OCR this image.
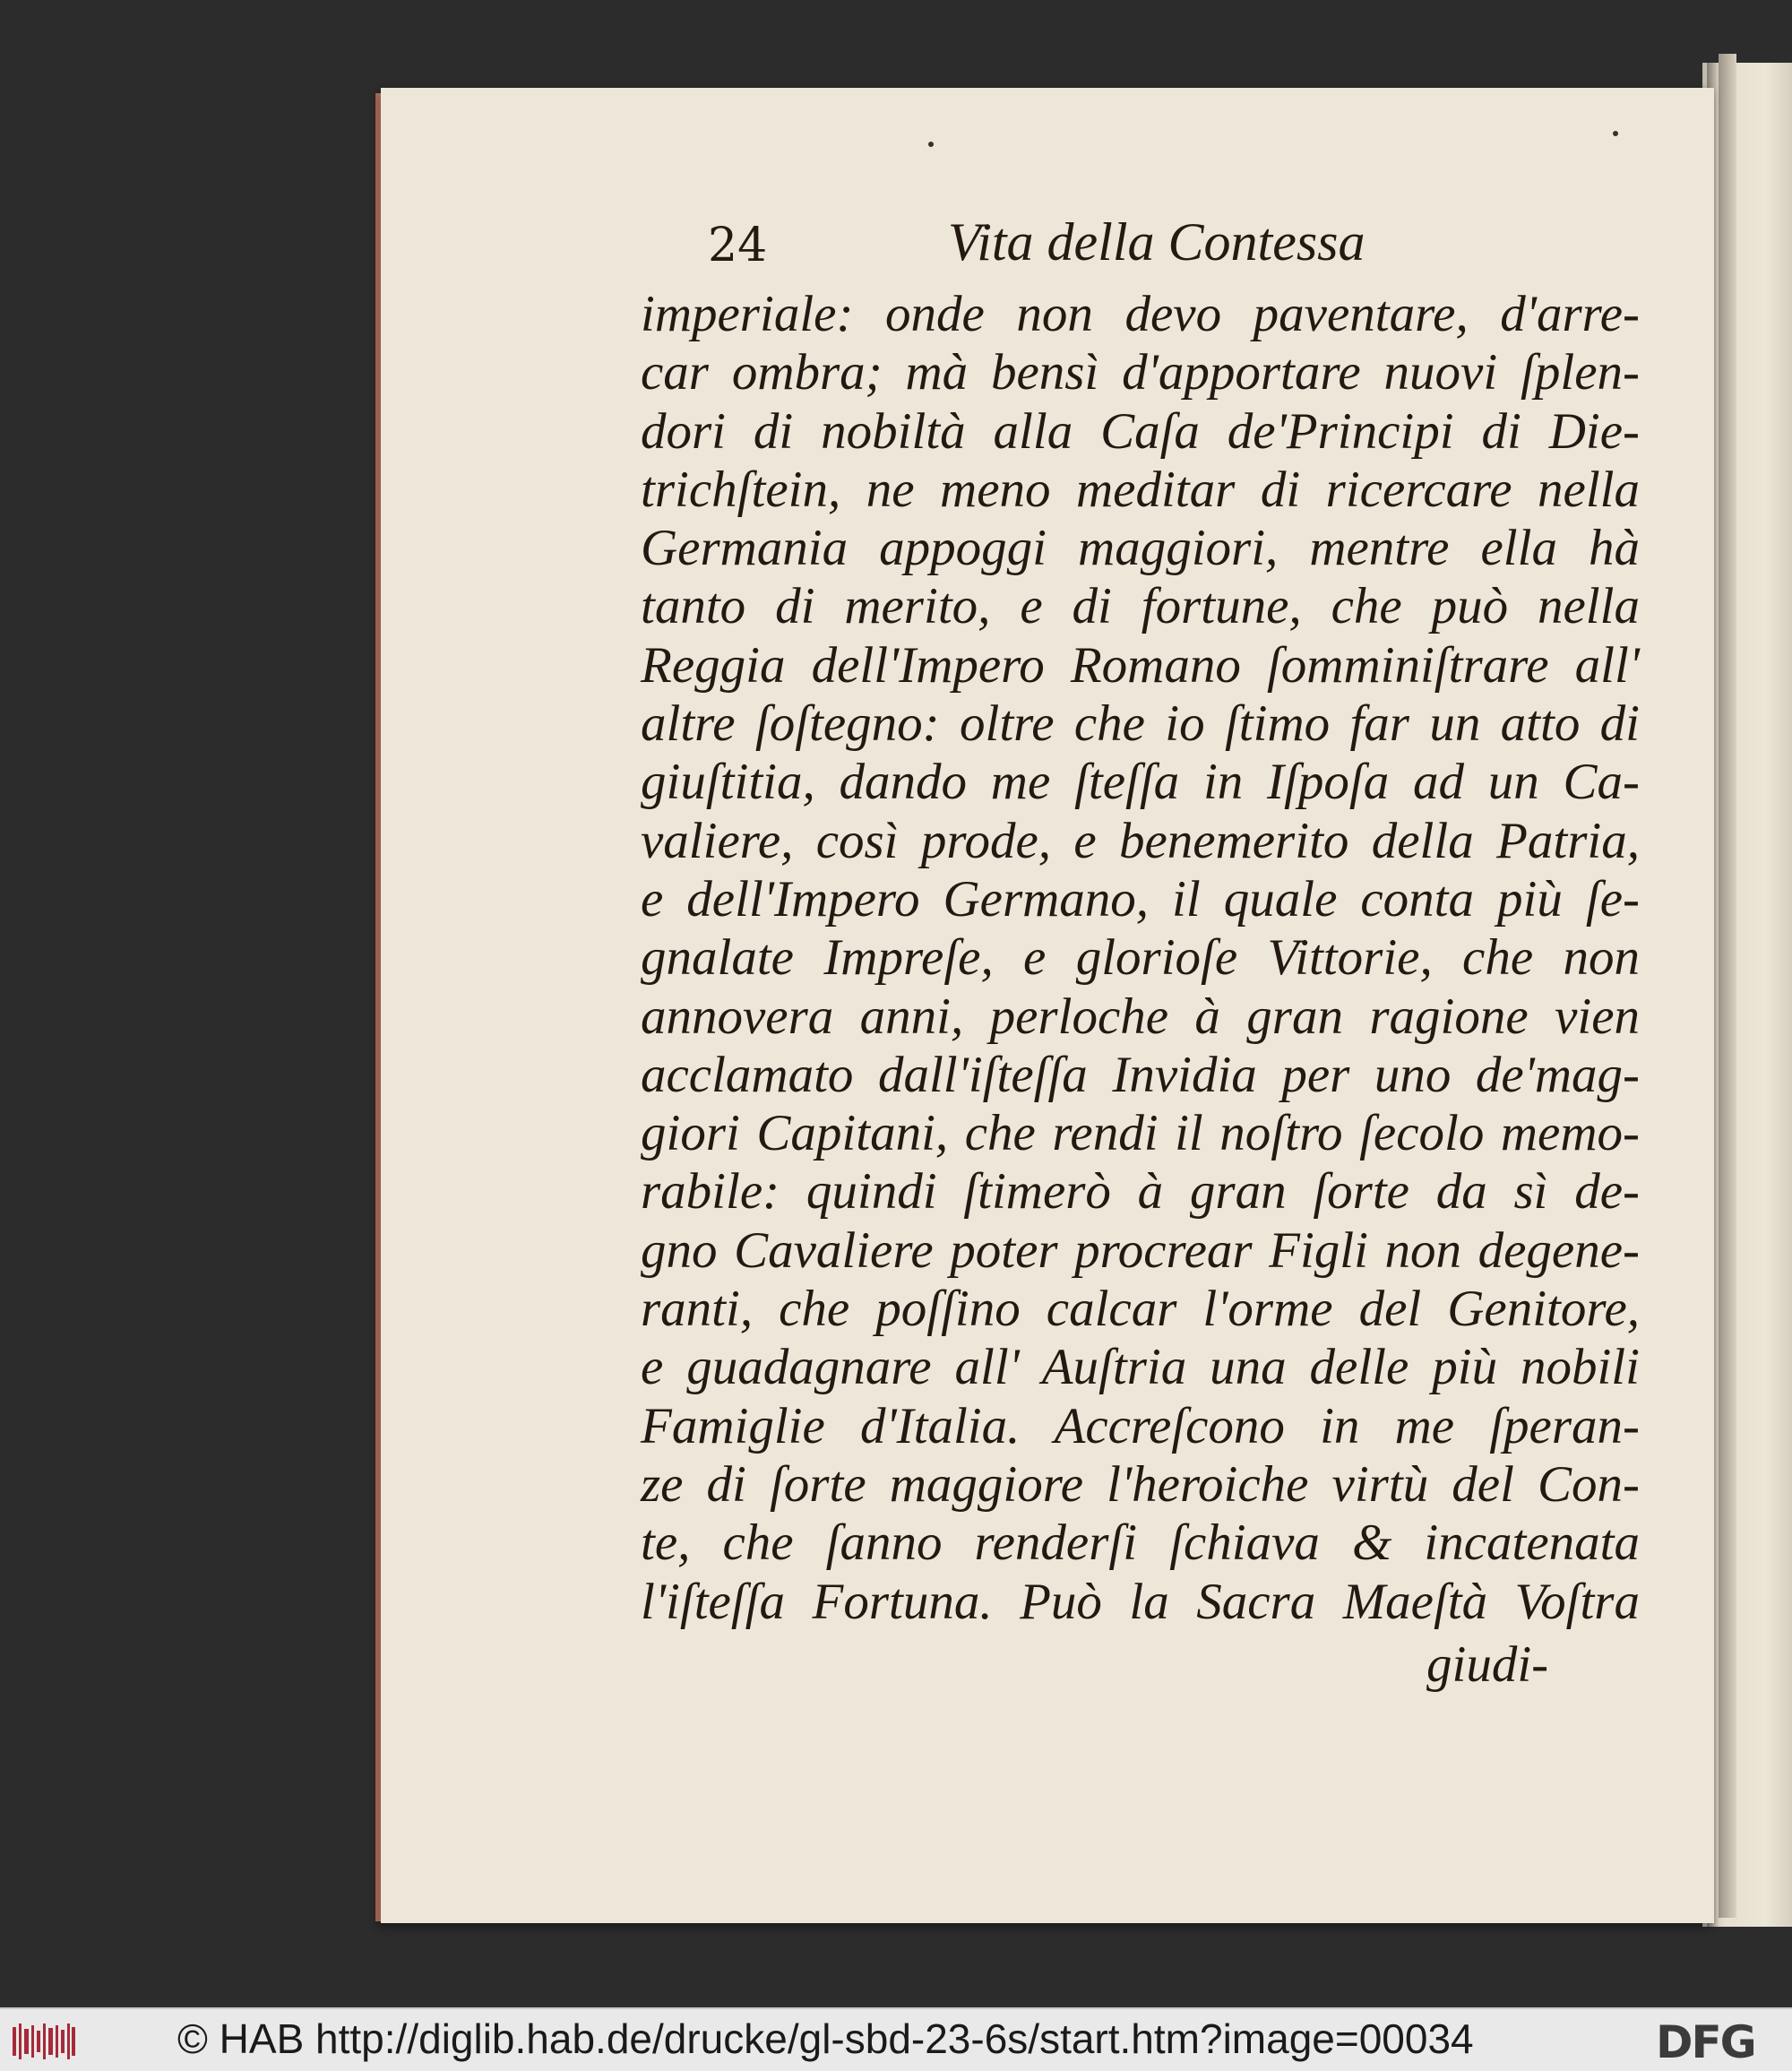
24	Vita della Contessa
imperiale: onde non devo paventare, d'arre-
car ombra; mà bensì d'apportare nuovi ſplen-
dori di nobiltà alla Caſa de'Principi di Die-
trichſtein, ne meno meditar di ricercare nella
Germania appoggi maggiori, mentre ella hà
tanto di merito, e di fortune, che può nella
Reggia dell'Impero Romano ſomminiſtrare all'
altre ſoſtegno: oltre che io ſtimo far un atto di
giuſtitia, dando me ſteſſa in Iſpoſa ad un Ca-
valiere, così prode, e benemerito della Patria,
e dell'Impero Germano, il quale conta più ſe-
gnalate Impreſe, e glorioſe Vittorie, che non
annovera anni, perloche à gran ragione vien
acclamato dall'iſteſſa Invidia per uno de'mag-
giori Capitani, che rendi il noſtro ſecolo memo-
rabile: quindi ſtimerò à gran ſorte da sì de-
gno Cavaliere poter procrear Figli non degene-
ranti, che poſſino calcar l'orme del Genitore,
e guadagnare all' Auſtria una delle più nobili
Famiglie d'Italia. Accreſcono in me ſperan-
ze di ſorte maggiore l'heroiche virtù del Con-
te, che ſanno renderſi ſchiava & incatenata
l'iſteſſa Fortuna. Può la Sacra Maeſtà Voſtra
giudi-
© HAB http://diglib.hab.de/drucke/gl-sbd-23-6s/start.htm?image=00034	DFG
